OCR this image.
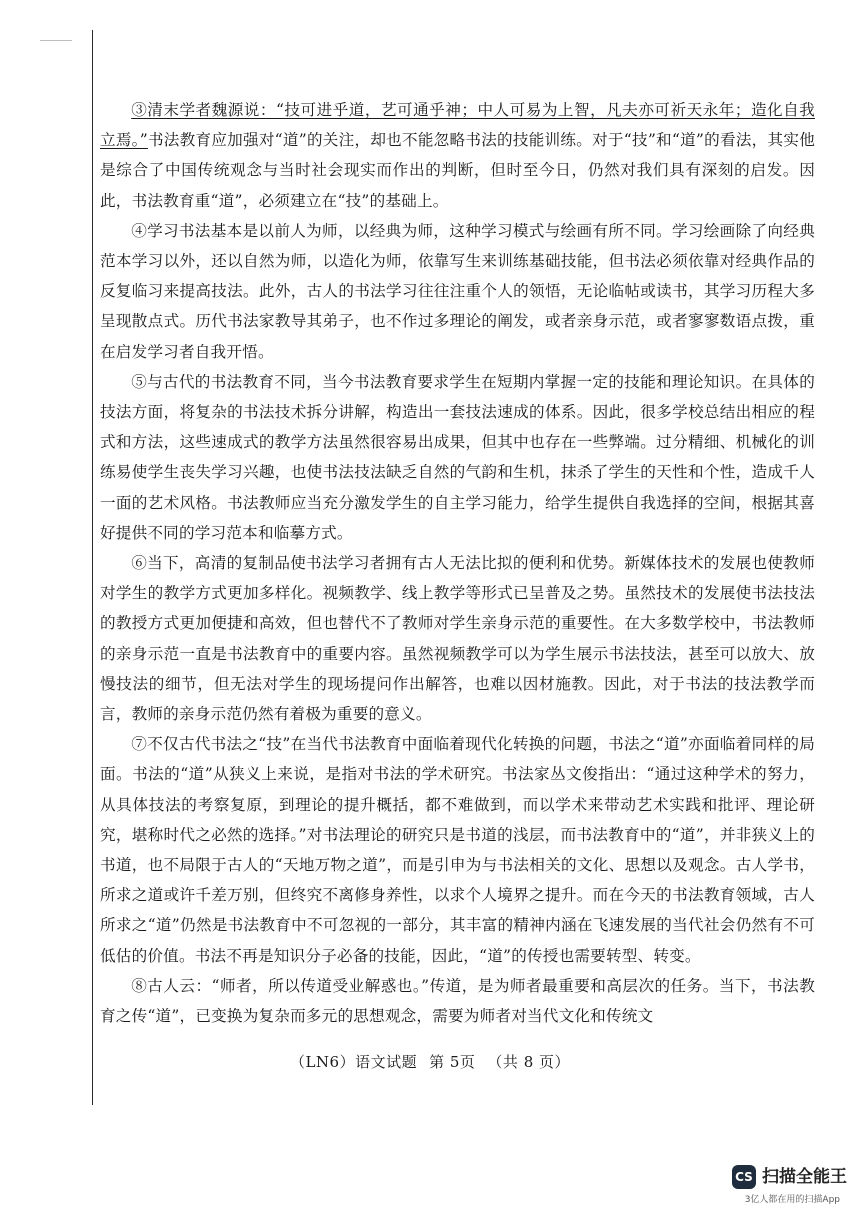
③清末学者魏源说：“技可进乎道，艺可通乎神；中人可易为上智，凡夫亦可祈天永年；造化自我立焉。”书法教育应加强对“道”的关注，却也不能忽略书法的技能训练。对于“技”和“道”的看法，其实他是综合了中国传统观念与当时社会现实而作出的判断，但时至今日，仍然对我们具有深刻的启发。因此，书法教育重“道”，必须建立在“技”的基础上。

④学习书法基本是以前人为师，以经典为师，这种学习模式与绘画有所不同。学习绘画除了向经典范本学习以外，还以自然为师，以造化为师，依靠写生来训练基础技能，但书法必须依靠对经典作品的反复临习来提高技法。此外，古人的书法学习往往注重个人的领悟，无论临帖或读书，其学习历程大多呈现散点式。历代书法家教导其弟子，也不作过多理论的阐发，或者亲身示范，或者寥寥数语点拨，重在启发学习者自我开悟。

⑤与古代的书法教育不同，当今书法教育要求学生在短期内掌握一定的技能和理论知识。在具体的技法方面，将复杂的书法技术拆分讲解，构造出一套技法速成的体系。因此，很多学校总结出相应的程式和方法，这些速成式的教学方法虽然很容易出成果，但其中也存在一些弊端。过分精细、机械化的训练易使学生丧失学习兴趣，也使书法技法缺乏自然的气韵和生机，抹杀了学生的天性和个性，造成千人一面的艺术风格。书法教师应当充分激发学生的自主学习能力，给学生提供自我选择的空间，根据其喜好提供不同的学习范本和临摹方式。

⑥当下，高清的复制品使书法学习者拥有古人无法比拟的便利和优势。新媒体技术的发展也使教师对学生的教学方式更加多样化。视频教学、线上教学等形式已呈普及之势。虽然技术的发展使书法技法的教授方式更加便捷和高效，但也替代不了教师对学生亲身示范的重要性。在大多数学校中，书法教师的亲身示范一直是书法教育中的重要内容。虽然视频教学可以为学生展示书法技法，甚至可以放大、放慢技法的细节，但无法对学生的现场提问作出解答，也难以因材施教。因此，对于书法的技法教学而言，教师的亲身示范仍然有着极为重要的意义。

⑦不仅古代书法之“技”在当代书法教育中面临着现代化转换的问题，书法之“道”亦面临着同样的局面。书法的“道”从狭义上来说，是指对书法的学术研究。书法家丛文俊指出：“通过这种学术的努力，从具体技法的考察复原，到理论的提升概括，都不难做到，而以学术来带动艺术实践和批评、理论研究，堪称时代之必然的选择。”对书法理论的研究只是书道的浅层，而书法教育中的“道”，并非狭义上的书道，也不局限于古人的“天地万物之道”，而是引申为与书法相关的文化、思想以及观念。古人学书，所求之道或许千差万别，但终究不离修身养性，以求个人境界之提升。而在今天的书法教育领域，古人所求之“道”仍然是书法教育中不可忽视的一部分，其丰富的精神内涵在飞速发展的当代社会仍然有不可低估的价值。书法不再是知识分子必备的技能，因此，“道”的传授也需要转型、转变。

⑧古人云：“师者，所以传道受业解惑也。”传道，是为师者最重要和高层次的任务。当下，书法教育之传“道”，已变换为复杂而多元的思想观念，需要为师者对当代文化和传统文

（LN6）语文试题 第 5页 （共 8 页）
CS 扫描全能王
3亿人都在用的扫描App
